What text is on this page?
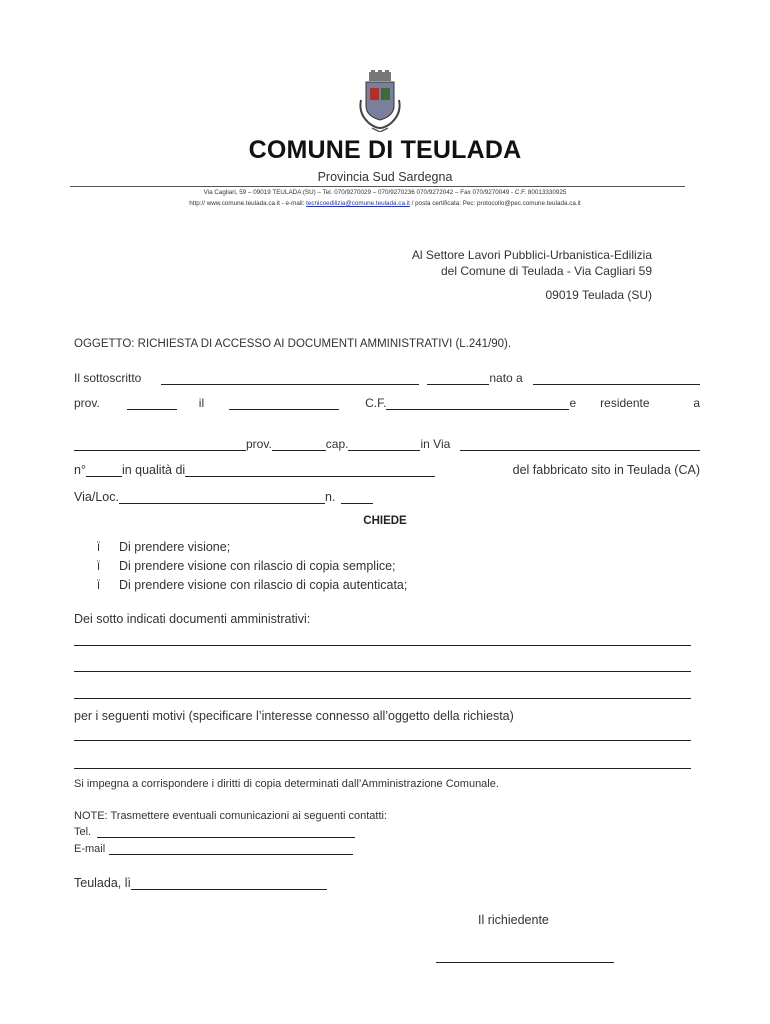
COMUNE DI TEULADA
Provincia Sud Sardegna
Via Cagliari, 59 – 09019 TEULADA (SU) – Tel. 070/9270029 – 070/9270236 070/9272042 – Fax 070/9270049 - C.F. 80013330925
http:// www.comune.teulada.ca.it - e-mail: tecnicoedilizia@comune.teulada.ca.it / posta certificata: Pec: protocollo@pec.comune.teulada.ca.it
Al Settore Lavori Pubblici-Urbanistica-Edilizia
del Comune di Teulada - Via Cagliari 59
09019 Teulada (SU)
OGGETTO: RICHIESTA DI ACCESSO AI DOCUMENTI AMMINISTRATIVI (L.241/90).
Il sottoscritto	nato a
prov.	il	C.F.	e residente	a
prov.	cap.	in Via
n°	in qualità di	del fabbricato sito in Teulada (CA)
Via/Loc.	n.
CHIEDE
Ï Di prendere visione;
Ï Di prendere visione con rilascio di copia semplice;
Ï Di prendere visione con rilascio di copia autenticata;
Dei sotto indicati documenti amministrativi:
per i seguenti motivi (specificare l’interesse connesso all’oggetto della richiesta)
Si impegna a corrispondere i diritti di copia determinati dall’Amministrazione Comunale.
NOTE: Trasmettere eventuali comunicazioni ai seguenti contatti:
Tel.
E-mail
Teulada, lì
Il richiedente
